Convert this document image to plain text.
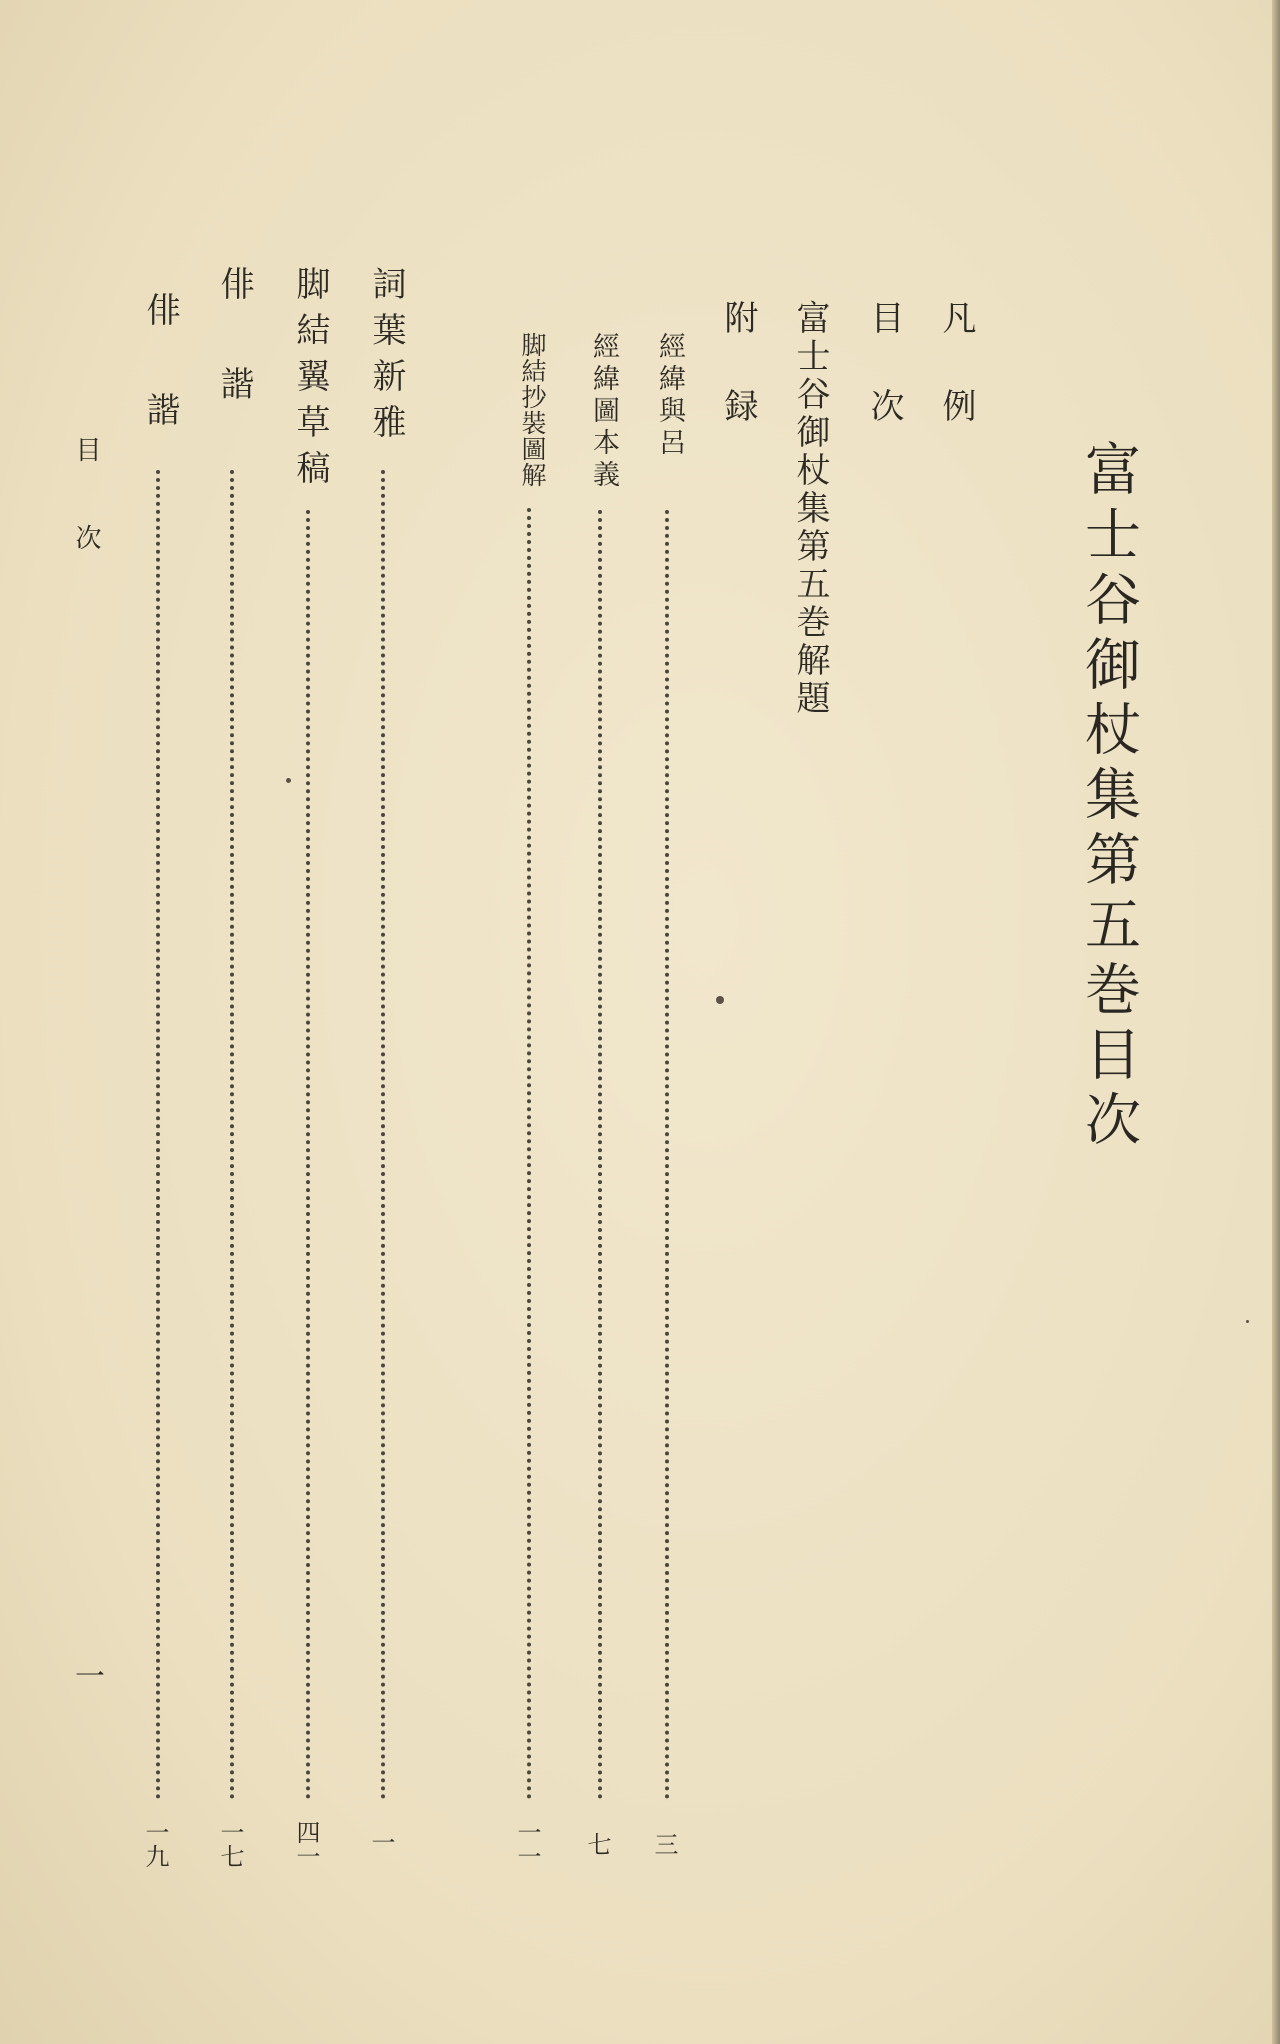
富士谷御杖集第五巻目次
凡　例
目　次
富士谷御杖集第五巻解題
附　録
經緯與呂
三
經緯圖本義
七
脚結抄裝圖解
一一
詞葉新雅
一
脚結翼草稿
四一
俳　諧
一七
俳　諧
一九
目　次
一
